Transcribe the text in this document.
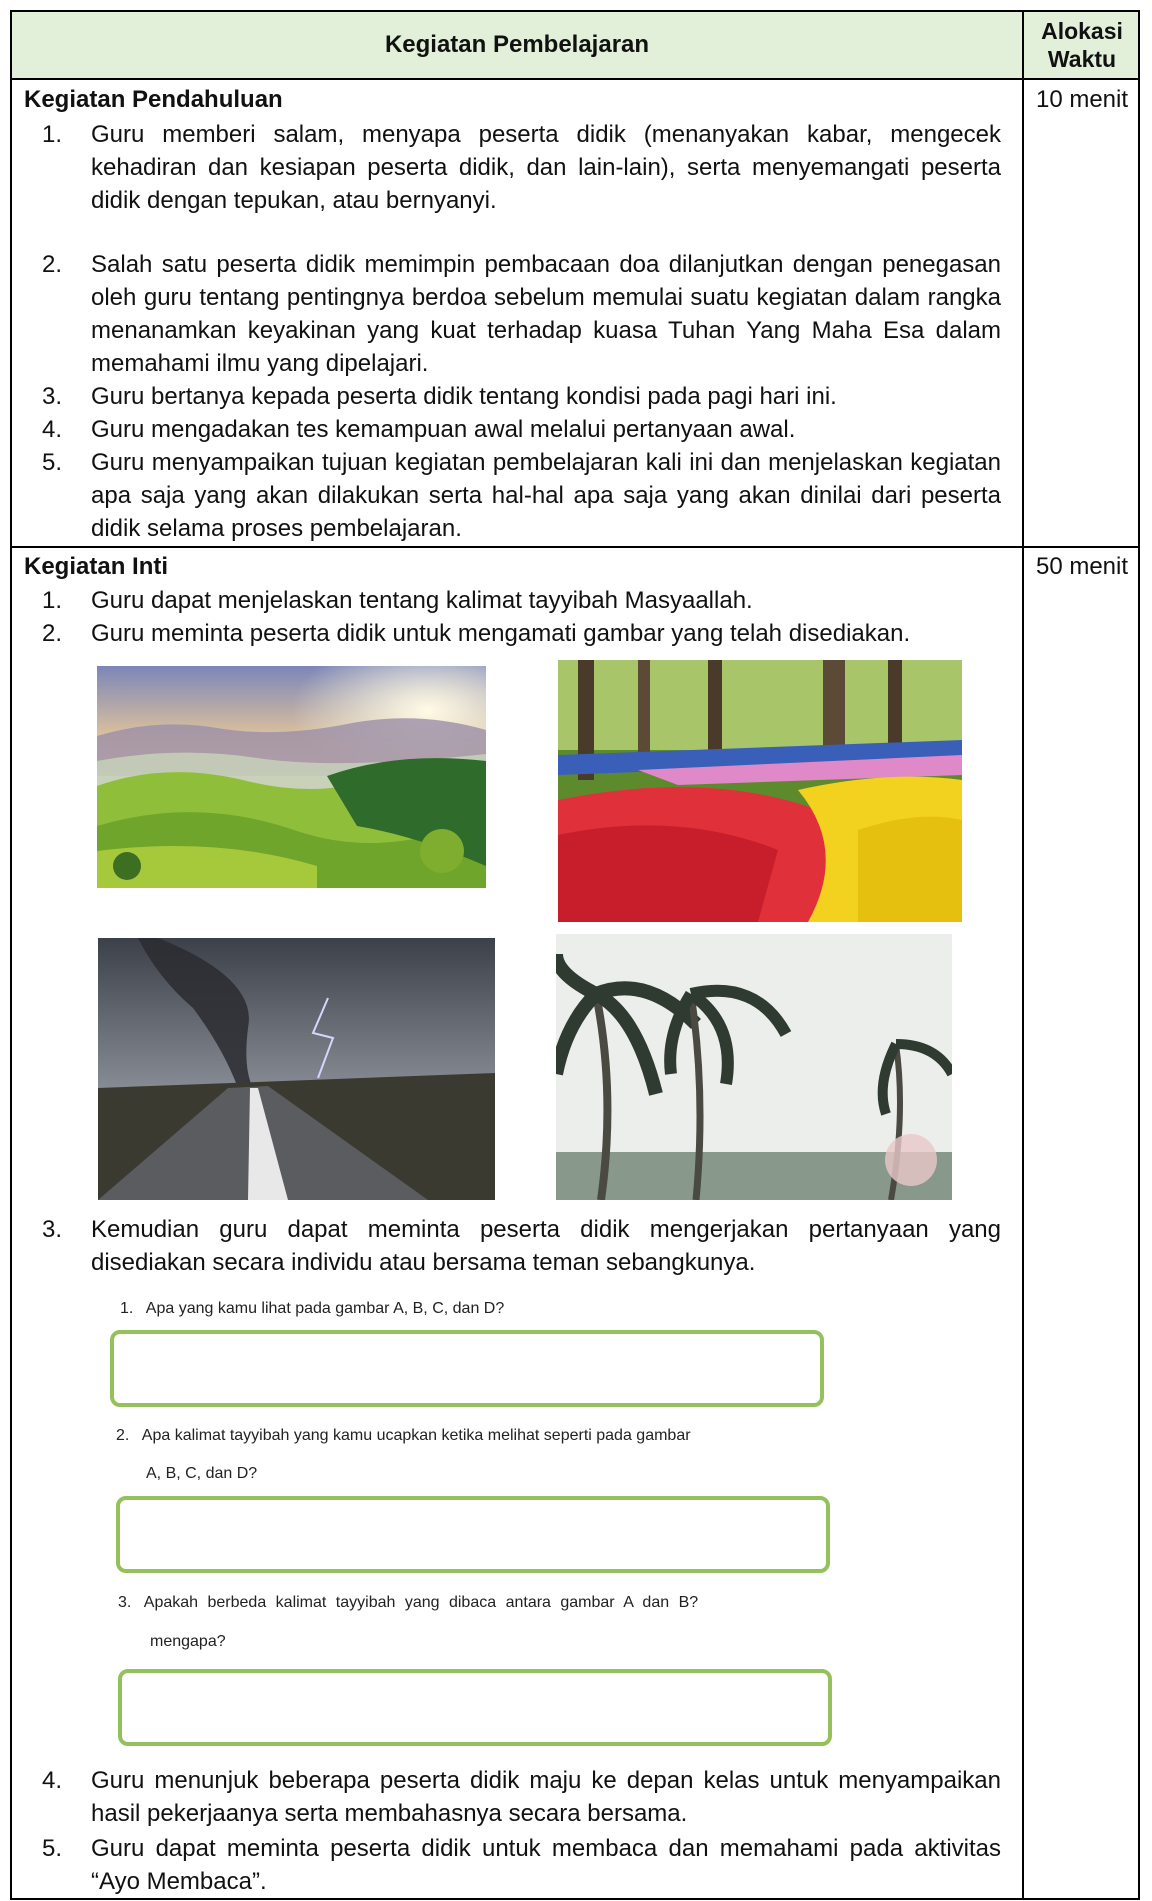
Kegiatan Pembelajaran	Alokasi
Waktu
Kegiatan Pendahuluan	10 menit
1. Guru memberi salam, menyapa peserta didik (menanyakan kabar, mengecek kehadiran dan kesiapan peserta didik, dan lain-lain), serta menyemangati peserta didik dengan tepukan, atau bernyanyi.
2. Salah satu peserta didik memimpin pembacaan doa dilanjutkan dengan penegasan oleh guru tentang pentingnya berdoa sebelum memulai suatu kegiatan dalam rangka menanamkan keyakinan yang kuat terhadap kuasa Tuhan Yang Maha Esa dalam memahami ilmu yang dipelajari.
3. Guru bertanya kepada peserta didik tentang kondisi pada pagi hari ini.
4. Guru mengadakan tes kemampuan awal melalui pertanyaan awal.
5. Guru menyampaikan tujuan kegiatan pembelajaran kali ini dan menjelaskan kegiatan apa saja yang akan dilakukan serta hal-hal apa saja yang akan dinilai dari peserta didik selama proses pembelajaran.
Kegiatan Inti	50 menit
1. Guru dapat menjelaskan tentang kalimat tayyibah Masyaallah.
2. Guru meminta peserta didik untuk mengamati gambar yang telah disediakan.
3. Kemudian guru dapat meminta peserta didik mengerjakan pertanyaan yang disediakan secara individu atau bersama teman sebangkunya.
1. Apa yang kamu lihat pada gambar A, B, C, dan D?
2. Apa kalimat tayyibah yang kamu ucapkan ketika melihat seperti pada gambar
A, B, C, dan D?
3. Apakah berbeda kalimat tayyibah yang dibaca antara gambar A dan B?
mengapa?
4. Guru menunjuk beberapa peserta didik maju ke depan kelas untuk menyampaikan hasil pekerjaanya serta membahasnya secara bersama.
5. Guru dapat meminta peserta didik untuk membaca dan memahami pada aktivitas “Ayo Membaca”.
